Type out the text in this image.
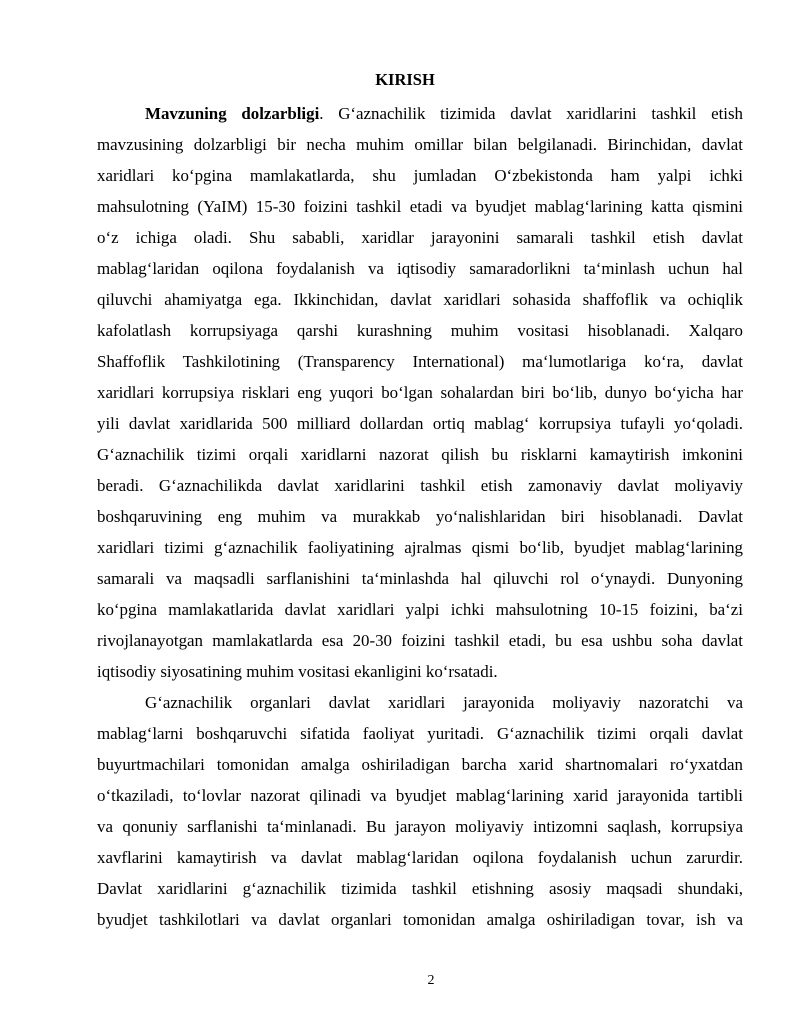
KIRISH
Mavzuning dolzarbligi. G‘aznachilik tizimida davlat xaridlarini tashkil etish
mavzusining dolzarbligi bir necha muhim omillar bilan belgilanadi. Birinchidan, davlat
xaridlari ko‘pgina mamlakatlarda, shu jumladan O‘zbekistonda ham yalpi ichki
mahsulotning (YaIM) 15-30 foizini tashkil etadi va byudjet mablag‘larining katta qismini
o‘z ichiga oladi. Shu sababli, xaridlar jarayonini samarali tashkil etish davlat
mablag‘laridan oqilona foydalanish va iqtisodiy samaradorlikni ta‘minlash uchun hal
qiluvchi ahamiyatga ega. Ikkinchidan, davlat xaridlari sohasida shaffoflik va ochiqlik
kafolatlash korrupsiyaga qarshi kurashning muhim vositasi hisoblanadi. Xalqaro
Shaffoflik Tashkilotining (Transparency International) ma‘lumotlariga ko‘ra, davlat
xaridlari korrupsiya risklari eng yuqori bo‘lgan sohalardan biri bo‘lib, dunyo bo‘yicha har
yili davlat xaridlarida 500 milliard dollardan ortiq mablag‘ korrupsiya tufayli yo‘qoladi.
G‘aznachilik tizimi orqali xaridlarni nazorat qilish bu risklarni kamaytirish imkonini
beradi. G‘aznachilikda davlat xaridlarini tashkil etish zamonaviy davlat moliyaviy
boshqaruvining eng muhim va murakkab yo‘nalishlaridan biri hisoblanadi. Davlat
xaridlari tizimi g‘aznachilik faoliyatining ajralmas qismi bo‘lib, byudjet mablag‘larining
samarali va maqsadli sarflanishini ta‘minlashda hal qiluvchi rol o‘ynaydi. Dunyoning
ko‘pgina mamlakatlarida davlat xaridlari yalpi ichki mahsulotning 10-15 foizini, ba‘zi
rivojlanayotgan mamlakatlarda esa 20-30 foizini tashkil etadi, bu esa ushbu soha davlat
iqtisodiy siyosatining muhim vositasi ekanligini ko‘rsatadi.
G‘aznachilik organlari davlat xaridlari jarayonida moliyaviy nazoratchi va
mablag‘larni boshqaruvchi sifatida faoliyat yuritadi. G‘aznachilik tizimi orqali davlat
buyurtmachilari tomonidan amalga oshiriladigan barcha xarid shartnomalari ro‘yxatdan
o‘tkaziladi, to‘lovlar nazorat qilinadi va byudjet mablag‘larining xarid jarayonida tartibli
va qonuniy sarflanishi ta‘minlanadi. Bu jarayon moliyaviy intizomni saqlash, korrupsiya
xavflarini kamaytirish va davlat mablag‘laridan oqilona foydalanish uchun zarurdir.
Davlat xaridlarini g‘aznachilik tizimida tashkil etishning asosiy maqsadi shundaki,
byudjet tashkilotlari va davlat organlari tomonidan amalga oshiriladigan tovar, ish va
2
